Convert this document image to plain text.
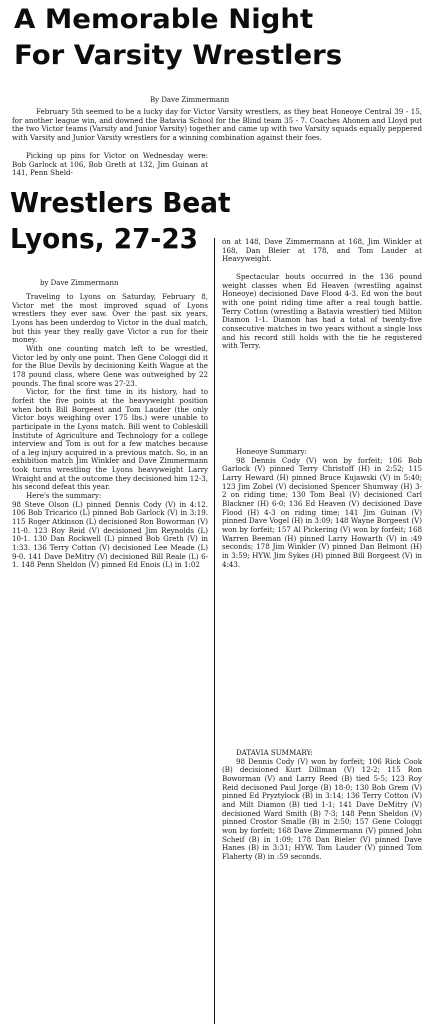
A Memorable Night
For Varsity Wrestlers
By Dave Zimmermann
February 5th seemed to be a lucky day for Victor Varsity wrestlers, as they beat Honeoye Central 39 - 15, for another league win, and downed the Batavia School for the Blind team 35 - 7. Coaches Ahonen and Lloyd put the two Victor teams (Varsity and Junior Varsity) together and came up with two Varsity squads equally peppered with Varsity and Junior Varsity wrestlers for a winning combination against their foes.
Picking up pins for Victor on Wednesday were: Bob Garlock at 106, Bob Greth at 132, Jim Guinan at 141, Penn Sheld-
on at 148, Dave Zimmermann at 168, Jim Winkler at 168, Dan Bleier at 178, and Tom Lauder at Heavyweight.
Spectacular bouts occurred in the 136 pound weight classes when Ed Heaven (wrestling against Honeoye) decisioned Dave Flood 4-3. Ed won the bout with one point riding time after a real tough battle. Terry Cotton (wrestling a Batavia wrestler) tied Milton Diamon 1-1. Diamon has had a total of twenty-five consecutive matches in two years without a single loss and his record still holds with the tie he registered with Terry.

Honeoye Summary:

98 Dennis Cody (V) won by forfeit; 106 Bob Garlock (V) pinned Terry Christoff (H) in 2:52; 115 Larry Heward (H) pinned Bruce Kujawski (V) in 5:40; 123 Jim Zobel (V) decisioned Spencer Shumway (H) 3-2 on riding time; 130 Tom Beal (V) decisioned Carl Blackner (H) 6-0; 136 Ed Heaven (V) decisioned Dave Flood (H) 4-3 on riding time; 141 Jim Guinan (V) pinned Dave Vogel (H) in 3:09; 148 Wayne Borgeest (V) won by forfeit; 157 Al Pickering (V) won by forfeit; 168 Warren Beeman (H) pinned Larry Howarth (V) in :49 seconds; 178 Jim Winkler (V) pinned Dan Belmont (H) in 3:59; HYW. Jim Sykes (H) pinned Bill Borgeest (V) in 4:43.

DATAVIA SUMMARY:

98 Dennis Cody (V) won by forfeit; 106 Rick Cook (B) decisioned Kurt Dillman (V) 12-2; 115 Ron Boworman (V) and Larry Reed (B) tied 5-5; 123 Roy Reid decisoned Paul Jorge (B) 18-0; 130 Bob Grem (V) pinned Ed Pryztylock (B) in 3:14; 136 Terry Cotton (V) and Milt Diamon (B) tied 1-1; 141 Dave DeMitry (V) decisioned Ward Smith (B) 7-3; 148 Penn Sheldon (V) pinned Crostor Smalle (B) in 2:50; 157 Gene Cologgi won by forfeit; 168 Dave Zimmermann (V) pinned John Scheif (B) in 1:09; 178 Dan Bieler (V) pinned Dave Hanes (B) in 3:31; HYW. Tom Lauder (V) pinned Tom Flaherty (B) in :59 seconds.

Wrestlers Beat
Lyons, 27-23
by Dave Zimmermann

Traveling to Lyons on Saturday, February 8, Victor met the most improved squad of Lyons wrestlers they ever saw. Over the past six years, Lyons has been underdog to Victor in the dual match, but this year they really gave Victor a run for their money.

With one counting match left to be wrestled, Victor led by only one point. Then Gene Cologgi did it for the Blue Devils by decisioning Keith Wague at the 178 pound class, where Gene was outweighed by 22 pounds. The final score was 27-23.

Victor, for the first time in its history, had to forfeit the five points at the heavyweight position when both Bill Borgeest and Tom Lauder (the only Victor boys weighing over 175 lbs.) were unable to participate in the Lyons match. Bill went to Cobleskill Institute of Agriculture and Technology for a college interview and Tom is out for a few matches because of a leg injury acquired in a previous match. So, in an exhibition match Jim Winkler and Dave Zimmermann took turns wrestling the Lyons heavyweight Larry Wraight and at the outcome they decisioned him 12-3, his second defeat this year.

Here's the summary:

98 Steve Olson (L) pinned Dennis Cody (V) in 4:12. 106 Bob Tricarico (L) pinned Bob Garlock (V) in 3:19. 115 Roger Atkinson (L) decisioned Ron Boworman (V) 11-0. 123 Roy Reid (V) decisioned Jim Reynolds (L) 10-1. 130 Dan Rockwell (L) pinned Bob Greth (V) in 1:33. 136 Terry Cotton (V) decisioned Lee Meade (L) 9-0. 141 Dave DeMitry (V) decisioned Bill Reale (L) 6-1. 148 Penn Sheldon (V) pinned Ed Enois (L) in 1:02
